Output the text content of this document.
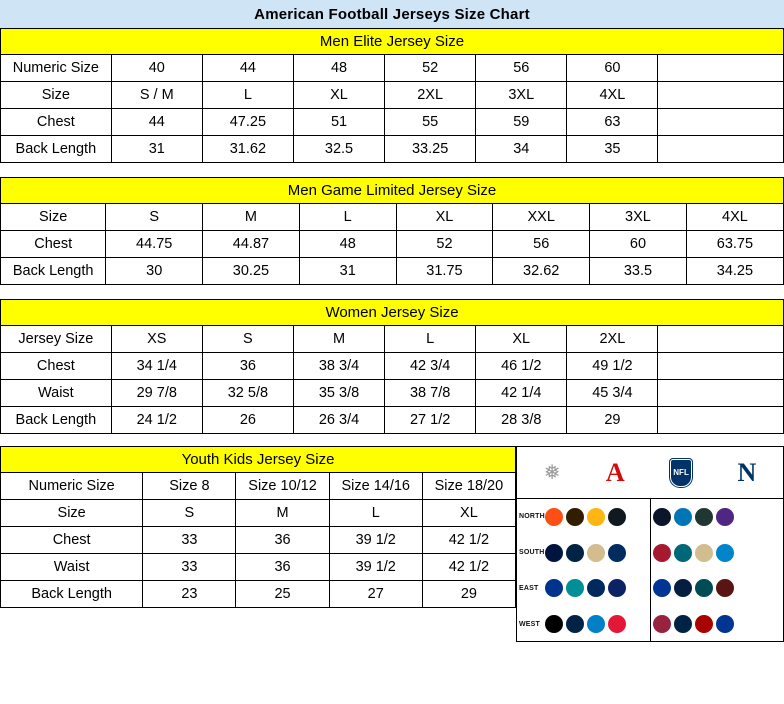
American Football Jerseys Size Chart
Men Elite Jersey Size
Numeric Size	40	44	48	52	56	60	
Size	S / M	L	XL	2XL	3XL	4XL	
Chest	44	47.25	51	55	59	63	
Back Length	31	31.62	32.5	33.25	34	35	
Men Game Limited Jersey Size
Size	S	M	L	XL	XXL	3XL	4XL
Chest	44.75	44.87	48	52	56	60	63.75
Back Length	30	30.25	31	31.75	32.62	33.5	34.25
Women Jersey Size
Jersey Size	XS	S	M	L	XL	2XL	
Chest	34 1/4	36	38 3/4	42 3/4	46 1/2	49 1/2	
Waist	29 7/8	32 5/8	35 3/8	38 7/8	42 1/4	45 3/4	
Back Length	24 1/2	26	26 3/4	27 1/2	28 3/8	29	
Youth Kids Jersey Size
Numeric Size	Size 8	Size 10/12	Size 14/16	Size 18/20
Size	S	M	L	XL
Chest	33	36	39 1/2	42 1/2
Waist	33	36	39 1/2	42 1/2
Back Length	23	25	27	29
❅ A	NFL N
NORTH
SOUTH
EAST
WEST
